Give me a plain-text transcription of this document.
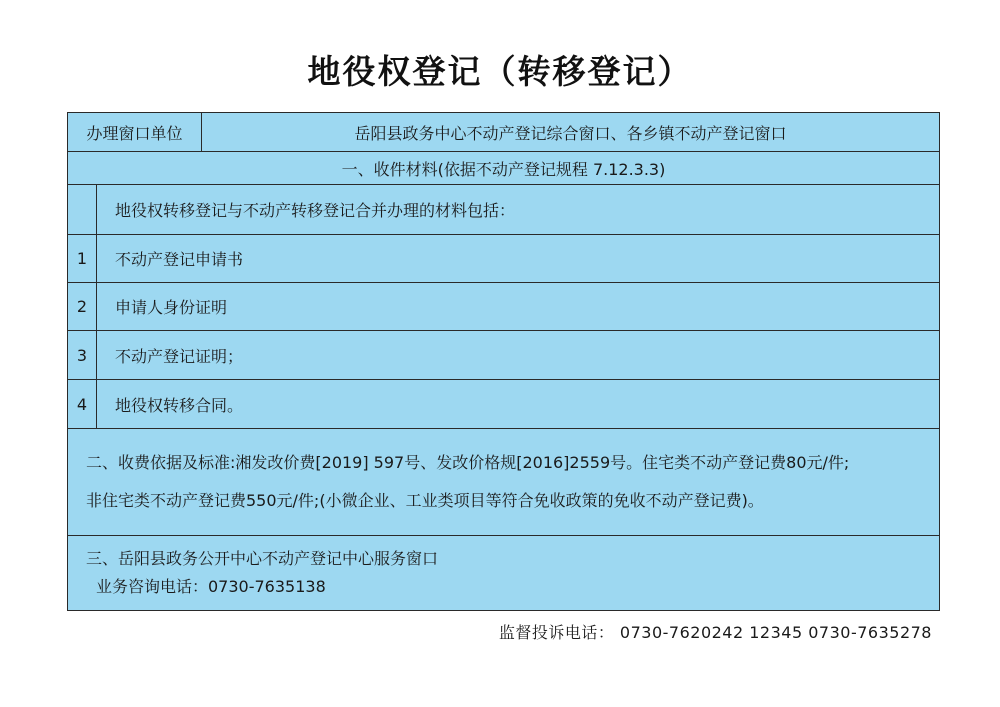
地役权登记（转移登记）
办理窗口单位	岳阳县政务中心不动产登记综合窗口、各乡镇不动产登记窗口
一、收件材料(依据不动产登记规程 7.12.3.3)
地役权转移登记与不动产转移登记合并办理的材料包括：
1	不动产登记申请书
2	申请人身份证明
3	不动产登记证明；
4	地役权转移合同。
二、收费依据及标准:湘发改价费[2019] 597号、发改价格规[2016]2559号。住宅类不动产登记费80元/件;
非住宅类不动产登记费550元/件;(小微企业、工业类项目等符合免收政策的免收不动产登记费)。
三、岳阳县政务公开中心不动产登记中心服务窗口
业务咨询电话：0730-7635138
监督投诉电话： 0730-7620242 12345 0730-7635278
